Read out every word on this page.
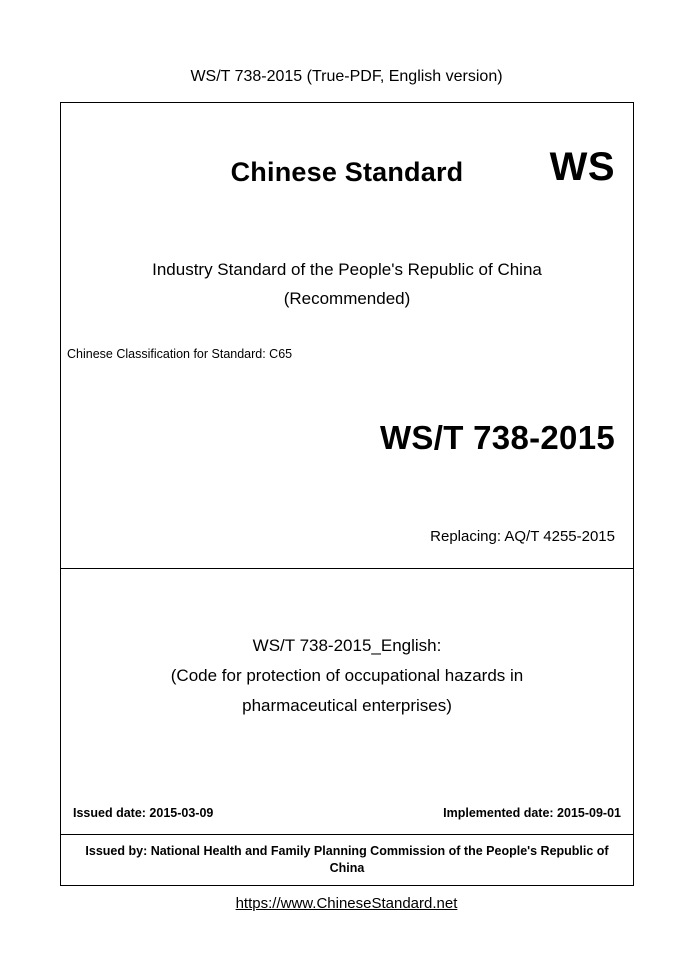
WS/T 738-2015 (True-PDF, English version)
Chinese Standard	WS
Industry Standard of the People's Republic of China
(Recommended)
Chinese Classification for Standard: C65
WS/T 738-2015
Replacing: AQ/T 4255-2015
WS/T 738-2015_English:
(Code for protection of occupational hazards in
pharmaceutical enterprises)
Issued date: 2015-03-09	Implemented date: 2015-09-01
Issued by: National Health and Family Planning Commission of the People's Republic of China
https://www.ChineseStandard.net
